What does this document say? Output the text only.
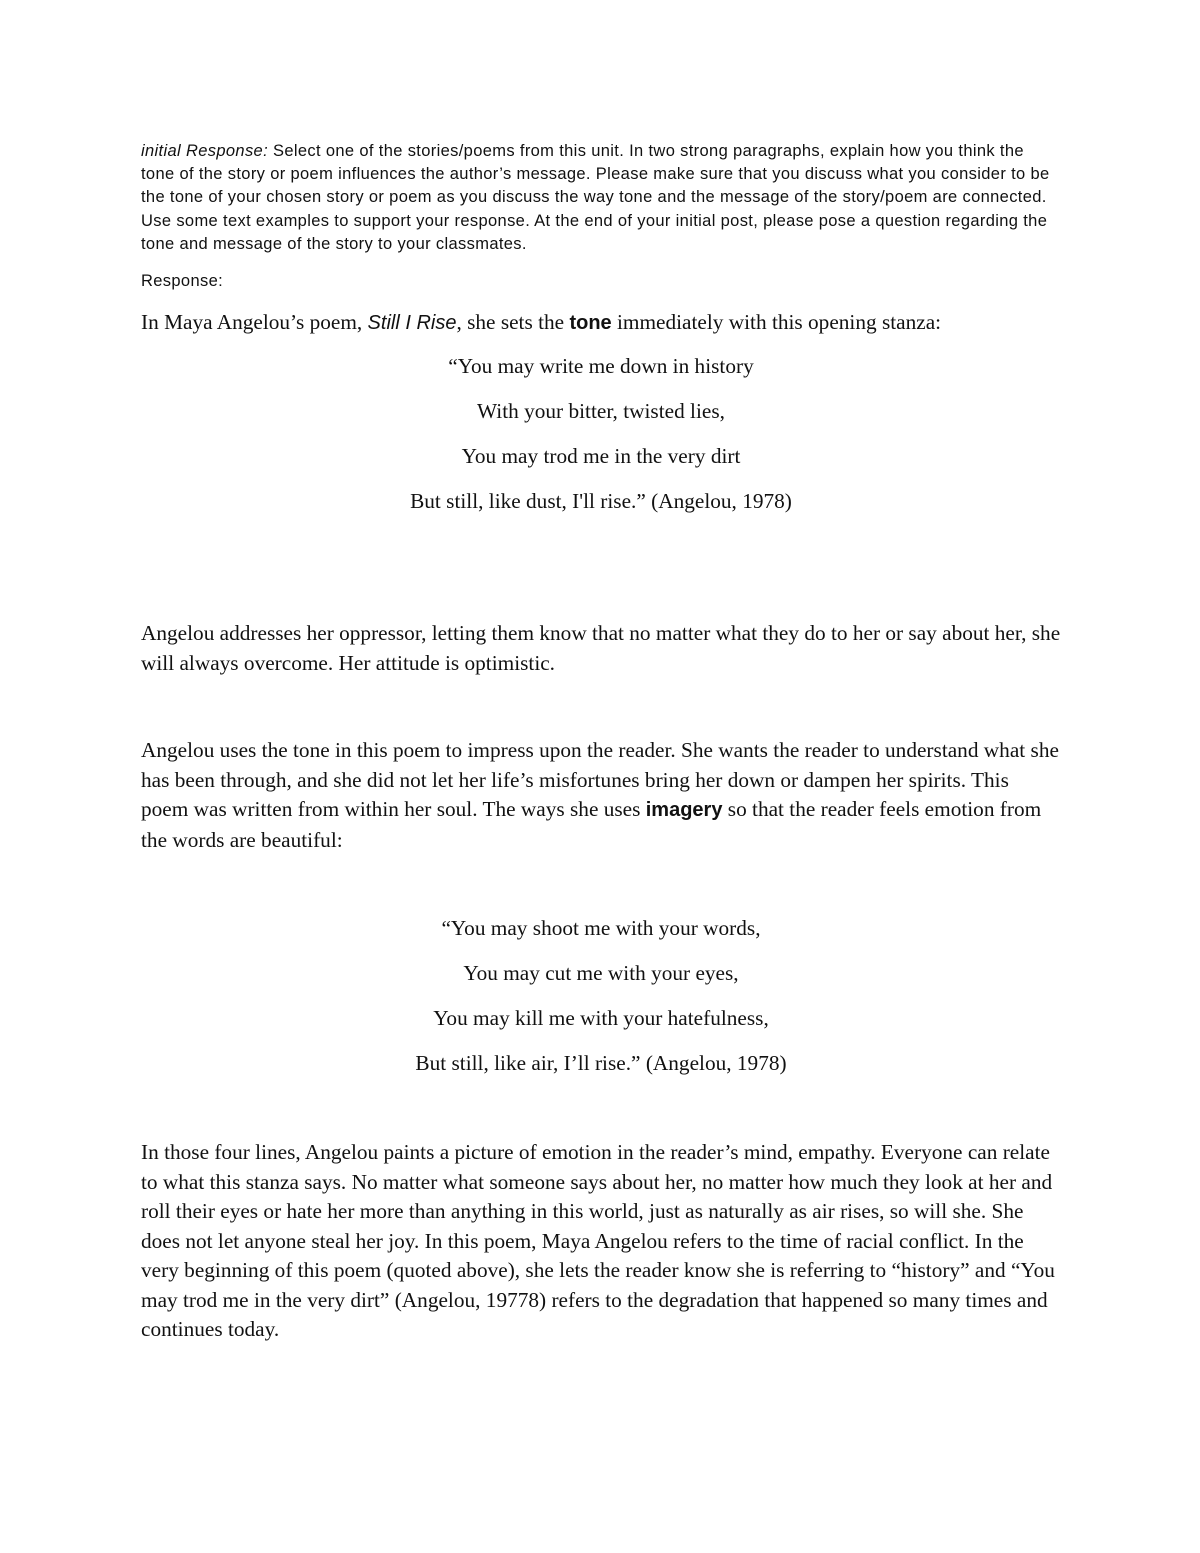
initial Response: Select one of the stories/poems from this unit. In two strong paragraphs, explain how you think the tone of the story or poem influences the author’s message. Please make sure that you discuss what you consider to be the tone of your chosen story or poem as you discuss the way tone and the message of the story/poem are connected. Use some text examples to support your response. At the end of your initial post, please pose a question regarding the tone and message of the story to your classmates.

Response:

In Maya Angelou’s poem, Still I Rise, she sets the tone immediately with this opening stanza:

“You may write me down in history
With your bitter, twisted lies,
You may trod me in the very dirt
But still, like dust, I'll rise.” (Angelou, 1978)

Angelou addresses her oppressor, letting them know that no matter what they do to her or say about her, she will always overcome. Her attitude is optimistic.

Angelou uses the tone in this poem to impress upon the reader. She wants the reader to understand what she has been through, and she did not let her life’s misfortunes bring her down or dampen her spirits. This poem was written from within her soul. The ways she uses imagery so that the reader feels emotion from the words are beautiful:

“You may shoot me with your words,
You may cut me with your eyes,
You may kill me with your hatefulness,
But still, like air, I’ll rise.” (Angelou, 1978)

In those four lines, Angelou paints a picture of emotion in the reader’s mind, empathy. Everyone can relate to what this stanza says. No matter what someone says about her, no matter how much they look at her and roll their eyes or hate her more than anything in this world, just as naturally as air rises, so will she. She does not let anyone steal her joy. In this poem, Maya Angelou refers to the time of racial conflict. In the very beginning of this poem (quoted above), she lets the reader know she is referring to “history” and “You may trod me in the very dirt” (Angelou, 19778) refers to the degradation that happened so many times and continues today.
